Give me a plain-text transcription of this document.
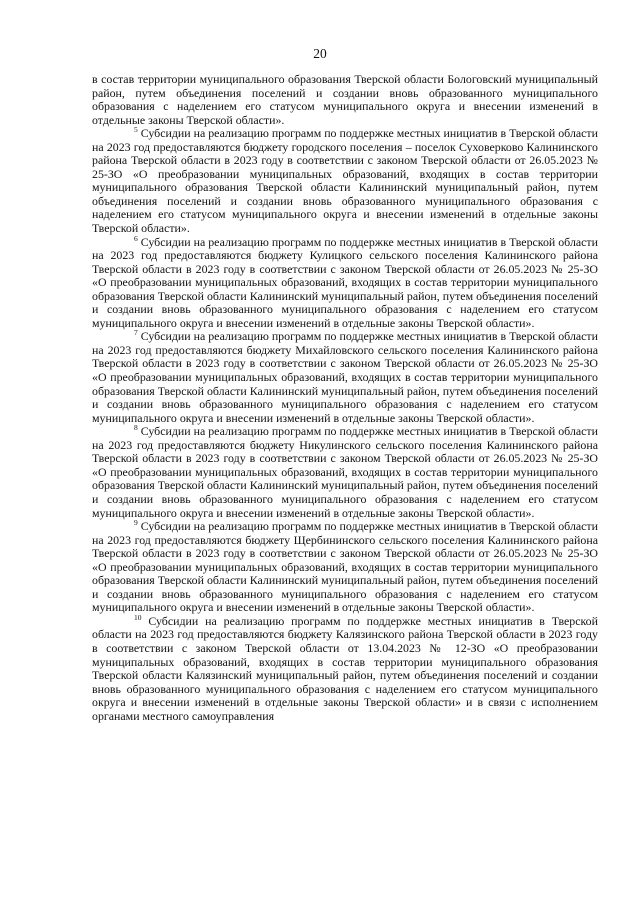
20

в состав территории муниципального образования Тверской области Бологовский муниципальный район, путем объединения поселений и создании вновь образованного муниципального образования с наделением его статусом муниципального округа и внесении изменений в отдельные законы Тверской области».

$^5$ Субсидии на реализацию программ по поддержке местных инициатив в Тверской области на 2023 год предоставляются бюджету городского поселения – поселок Суховерково Калининского района Тверской области в 2023 году в соответствии с законом Тверской области от 26.05.2023 № 25-ЗО «О преобразовании муниципальных образований, входящих в состав территории муниципального образования Тверской области Калининский муниципальный район, путем объединения поселений и создании вновь образованного муниципального образования с наделением его статусом муниципального округа и внесении изменений в отдельные законы Тверской области».

$^6$ Субсидии на реализацию программ по поддержке местных инициатив в Тверской области на 2023 год предоставляются бюджету Кулицкого сельского поселения Калининского района Тверской области в 2023 году в соответствии с законом Тверской области от 26.05.2023 № 25-ЗО «О преобразовании муниципальных образований, входящих в состав территории муниципального образования Тверской области Калининский муниципальный район, путем объединения поселений и создании вновь образованного муниципального образования с наделением его статусом муниципального округа и внесении изменений в отдельные законы Тверской области».

$^7$ Субсидии на реализацию программ по поддержке местных инициатив в Тверской области на 2023 год предоставляются бюджету Михайловского сельского поселения Калининского района Тверской области в 2023 году в соответствии с законом Тверской области от 26.05.2023 № 25-ЗО «О преобразовании муниципальных образований, входящих в состав территории муниципального образования Тверской области Калининский муниципальный район, путем объединения поселений и создании вновь образованного муниципального образования с наделением его статусом муниципального округа и внесении изменений в отдельные законы Тверской области».

$^8$ Субсидии на реализацию программ по поддержке местных инициатив в Тверской области на 2023 год предоставляются бюджету Никулинского сельского поселения Калининского района Тверской области в 2023 году в соответствии с законом Тверской области от 26.05.2023 № 25-ЗО «О преобразовании муниципальных образований, входящих в состав территории муниципального образования Тверской области Калининский муниципальный район, путем объединения поселений и создании вновь образованного муниципального образования с наделением его статусом муниципального округа и внесении изменений в отдельные законы Тверской области».

$^9$ Субсидии на реализацию программ по поддержке местных инициатив в Тверской области на 2023 год предоставляются бюджету Щербининского сельского поселения Калининского района Тверской области в 2023 году в соответствии с законом Тверской области от 26.05.2023 № 25-ЗО «О преобразовании муниципальных образований, входящих в состав территории муниципального образования Тверской области Калининский муниципальный район, путем объединения поселений и создании вновь образованного муниципального образования с наделением его статусом муниципального округа и внесении изменений в отдельные законы Тверской области».

$^{10}$ Субсидии на реализацию программ по поддержке местных инициатив в Тверской области на 2023 год предоставляются бюджету Калязинского района Тверской области в 2023 году в соответствии с законом Тверской области от 13.04.2023 № 12-ЗО «О преобразовании муниципальных образований, входящих в состав территории муниципального образования Тверской области Калязинский муниципальный район, путем объединения поселений и создании вновь образованного муниципального образования с наделением его статусом муниципального округа и внесении изменений в отдельные законы Тверской области» и в связи с исполнением органами местного самоуправления
